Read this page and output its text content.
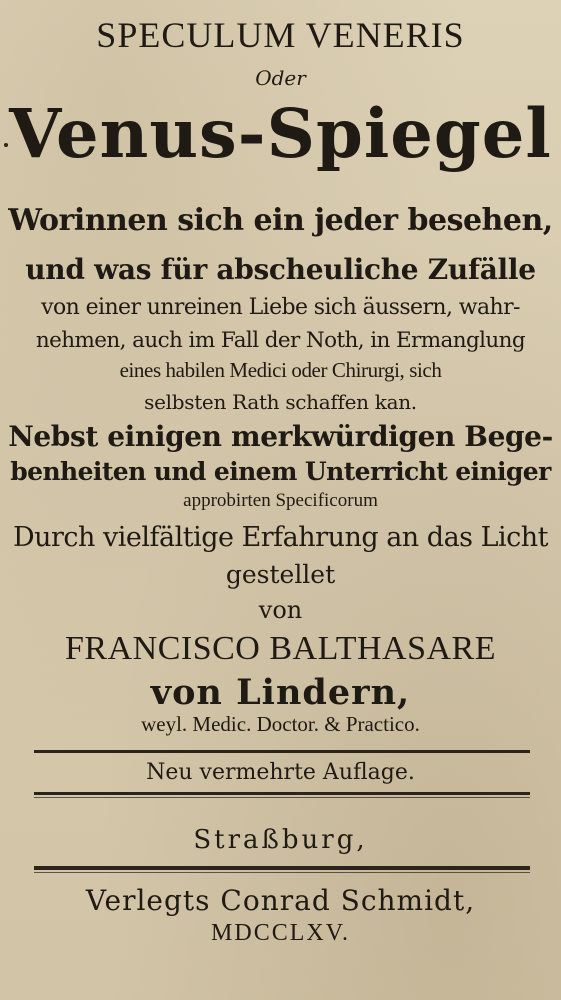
SPECULUM VENERIS
Oder
Venus-Spiegel
Worinnen sich ein jeder besehen,
und was für abscheuliche Zufälle
von einer unreinen Liebe sich äussern, wahr-
nehmen, auch im Fall der Noth, in Ermanglung
eines habilen Medici oder Chirurgi, sich
selbsten Rath schaffen kan.
Nebst einigen merkwürdigen Bege-
benheiten und einem Unterricht einiger
approbirten Specificorum
Durch vielfältige Erfahrung an das Licht
gestellet
von
FRANCISCO BALTHASARE
von Lindern,
weyl. Medic. Doctor. & Practico.
Neu vermehrte Auflage.
Straßburg,
Verlegts Conrad Schmidt,
MDCCLXV.
